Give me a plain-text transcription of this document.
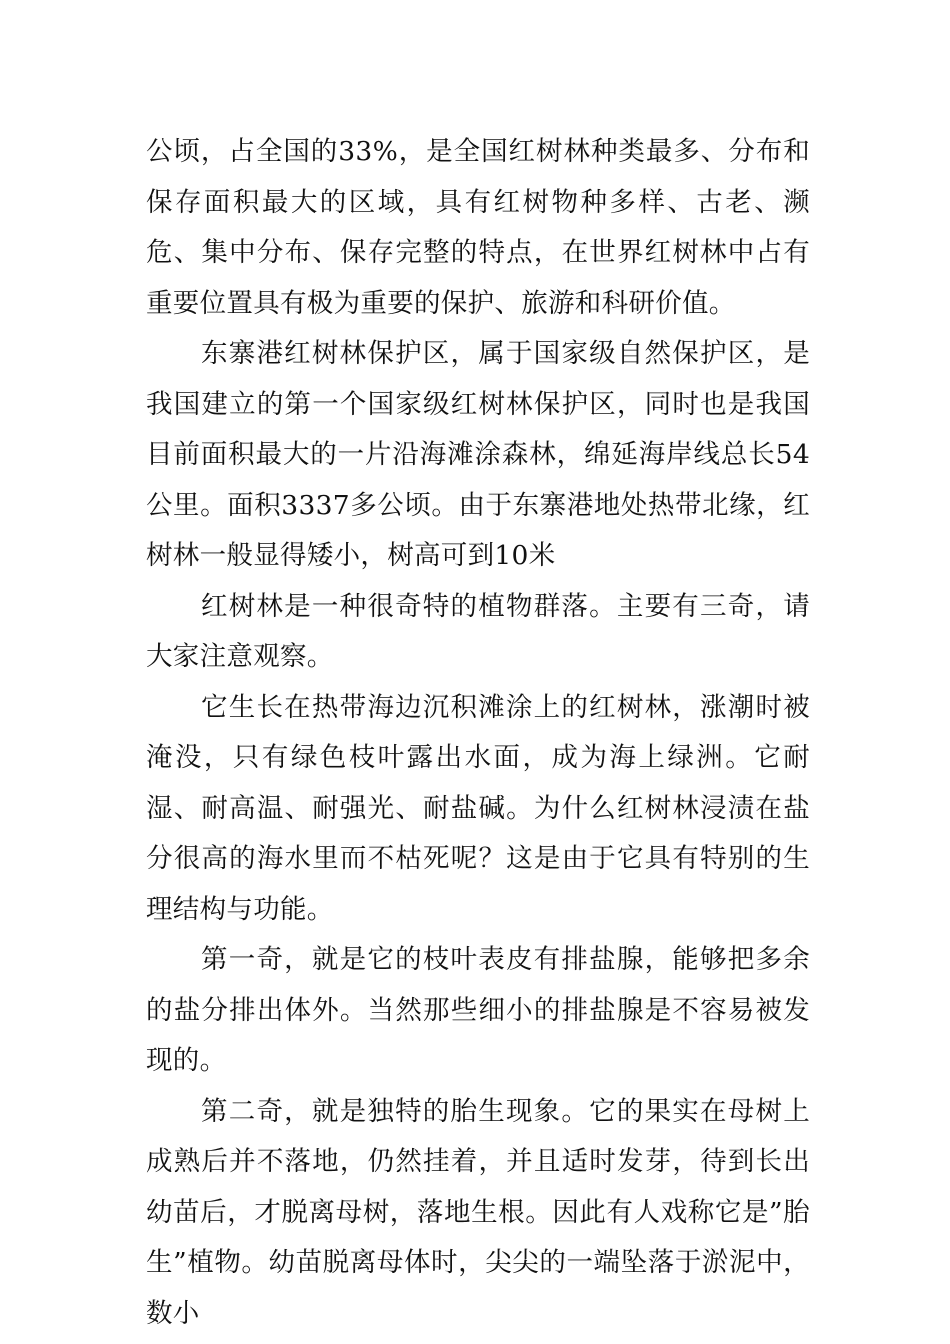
公顷，占全国的33%，是全国红树林种类最多、分布和保存面积最大的区域，具有红树物种多样、古老、濒危、集中分布、保存完整的特点，在世界红树林中占有重要位置具有极为重要的保护、旅游和科研价值。

东寨港红树林保护区，属于国家级自然保护区，是我国建立的第一个国家级红树林保护区，同时也是我国目前面积最大的一片沿海滩涂森林，绵延海岸线总长54公里。面积3337多公顷。由于东寨港地处热带北缘，红树林一般显得矮小，树高可到10米

红树林是一种很奇特的植物群落。主要有三奇，请大家注意观察。

它生长在热带海边沉积滩涂上的红树林，涨潮时被淹没，只有绿色枝叶露出水面，成为海上绿洲。它耐湿、耐高温、耐强光、耐盐碱。为什么红树林浸渍在盐分很高的海水里而不枯死呢？这是由于它具有特别的生理结构与功能。

第一奇，就是它的枝叶表皮有排盐腺，能够把多余的盐分排出体外。当然那些细小的排盐腺是不容易被发现的。

第二奇，就是独特的胎生现象。它的果实在母树上成熟后并不落地，仍然挂着，并且适时发芽，待到长出幼苗后，才脱离母树，落地生根。因此有人戏称它是”胎生”植物。幼苗脱离母体时，尖尖的一端坠落于淤泥中，数小
